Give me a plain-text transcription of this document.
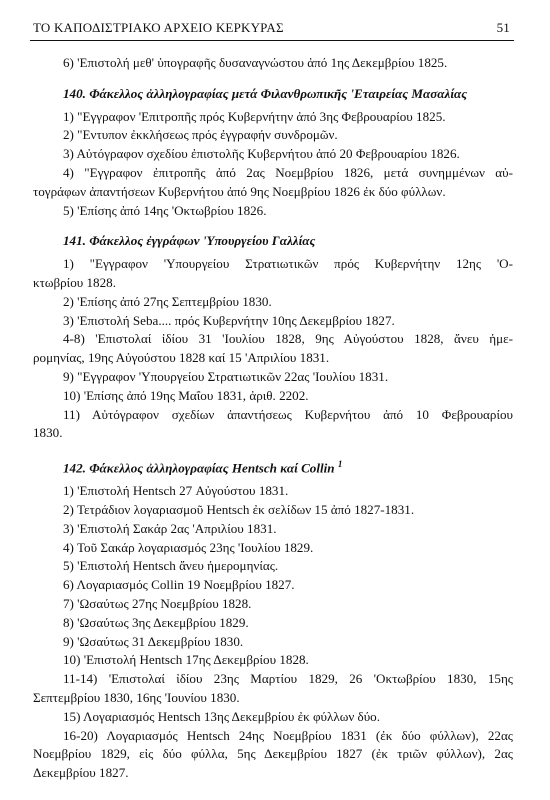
ΤΟ ΚΑΠΟΔΙΣΤΡΙΑΚΟ ΑΡΧΕΙΟ ΚΕΡΚΥΡΑΣ	51

6) 'Επιστολή μεθ' ὑπογραφῆς δυσαναγνώστου ἀπό 1ης Δεκεμβρίου 1825.

140. Φάκελλος ἀλληλογραφίας μετά Φιλανθρωπικῆς 'Εταιρείας Μασαλίας

1) "Εγγραφον 'Επιτροπῆς πρός Κυβερνήτην ἀπό 3ης Φεβρουαρίου 1825.

2) "Εντυπον ἐκκλήσεως πρός ἐγγραφήν συνδρομῶν.

3) Αὐτόγραφον σχεδίου ἐπιστολῆς Κυβερνήτου ἀπό 20 Φεβρουαρίου 1826.

4) "Εγγραφον ἐπιτροπῆς ἀπό 2ας Νοεμβρίου 1826, μετά συνημμένων αὐ-

τογράφων ἀπαντήσεων Κυβερνήτου ἀπό 9ης Νοεμβρίου 1826 ἐκ δύο φύλλων.

5) 'Επίσης ἀπό 14ης 'Οκτωβρίου 1826.

141. Φάκελλος ἐγγράφων 'Υπουργείου Γαλλίας

1) "Εγγραφον 'Υπουργείου Στρατιωτικῶν πρός Κυβερνήτην 12ης 'Ο-

κτωβρίου 1828.

2) 'Επίσης ἀπό 27ης Σεπτεμβρίου 1830.

3) 'Επιστολή Seba.... πρός Κυβερνήτην 10ης Δεκεμβρίου 1827.

4-8) 'Επιστολαί ἰδίου 31 'Ιουλίου 1828, 9ης Αὐγούστου 1828, ἄνευ ἡμε-

ρομηνίας, 19ης Αὐγούστου 1828 καί 15 'Απριλίου 1831.

9) "Εγγραφον 'Υπουργείου Στρατιωτικῶν 22ας 'Ιουλίου 1831.

10) 'Επίσης ἀπό 19ης Μαΐου 1831, ἀριθ. 2202.

11) Αὐτόγραφον σχεδίων ἀπαντήσεως Κυβερνήτου ἀπό 10 Φεβρουαρίου

1830.

142. Φάκελλος ἀλληλογραφίας Hentsch καί Collin $^1$

1) 'Επιστολή Hentsch 27 Αὐγούστου 1831.

2) Τετράδιον λογαριασμοῦ Hentsch ἐκ σελίδων 15 ἀπό 1827-1831.

3) 'Επιστολή Σακάρ 2ας 'Απριλίου 1831.

4) Τοῦ Σακάρ λογαριασμός 23ης 'Ιουλίου 1829.

5) 'Επιστολή Hentsch ἄνευ ἡμερομηνίας.

6) Λογαριασμός Collin 19 Νοεμβρίου 1827.

7) 'Ωσαύτως 27ης Νοεμβρίου 1828.

8) 'Ωσαύτως 3ης Δεκεμβρίου 1829.

9) 'Ωσαύτως 31 Δεκεμβρίου 1830.

10) 'Επιστολή Hentsch 17ης Δεκεμβρίου 1828.

11-14) 'Επιστολαί ἰδίου 23ης Μαρτίου 1829, 26 'Οκτωβρίου 1830, 15ης

Σεπτεμβρίου 1830, 16ης 'Ιουνίου 1830.

15) Λογαριασμός Hentsch 13ης Δεκεμβρίου ἐκ φύλλων δύο.

16-20) Λογαριασμός Hentsch 24ης Νοεμβρίου 1831 (ἐκ δύο φύλλων), 22ας

Νοεμβρίου 1829, εἰς δύο φύλλα, 5ης Δεκεμβρίου 1827 (ἐκ τριῶν φύλλων), 2ας

Δεκεμβρίου 1827.
